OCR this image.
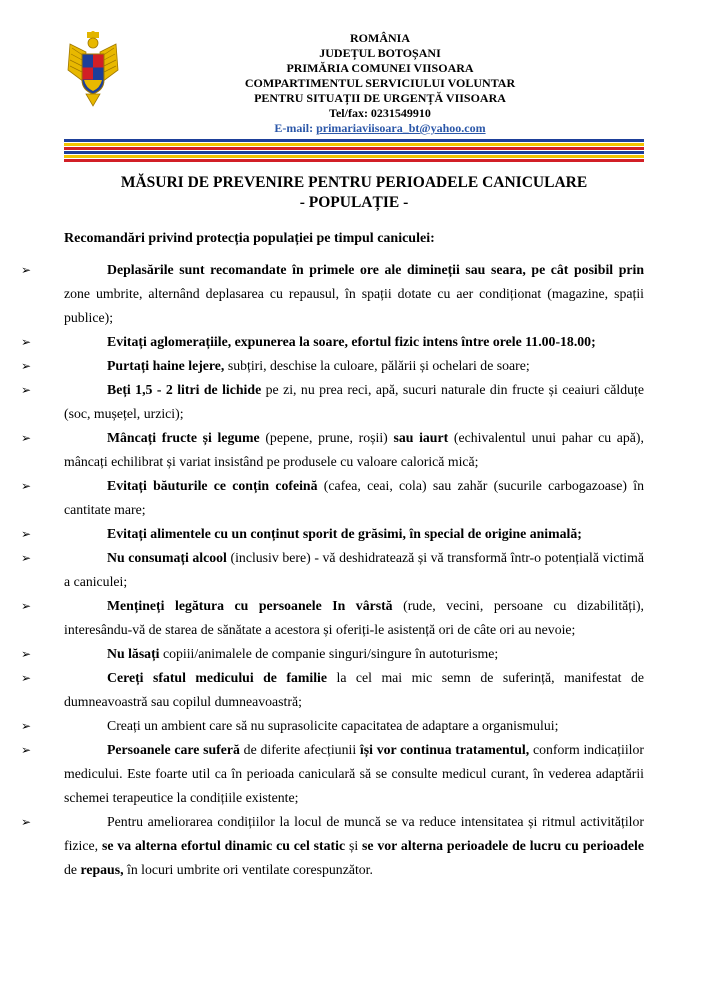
ROMÂNIA
JUDEȚUL BOTOȘANI
PRIMĂRIA COMUNEI VIISOARA
COMPARTIMENTUL SERVICIULUI VOLUNTAR
PENTRU SITUAȚII DE URGENȚĂ VIISOARA
Tel/fax: 0231549910
E-mail: primariaviisoara_bt@yahoo.com
MĂSURI DE PREVENIRE PENTRU PERIOADELE CANICULARE
- POPULAȚIE -
Recomandări privind protecția populației pe timpul caniculei:

➢	Deplasările sunt recomandate în primele ore ale dimineții sau seara, pe cât posibil prin zone umbrite, alternând deplasarea cu repausul, în spații dotate cu aer condiționat (magazine, spații publice);

➢	Evitați aglomerațiile, expunerea la soare, efortul fizic intens între orele 11.00-18.00;

➢	Purtați haine lejere, subțiri, deschise la culoare, pălării și ochelari de soare;

➢	Beți 1,5 - 2 litri de lichide pe zi, nu prea reci, apă, sucuri naturale din fructe și ceaiuri călduțe (soc, mușețel, urzici);

➢	Mâncați fructe și legume (pepene, prune, roșii) sau iaurt (echivalentul unui pahar cu apă), mâncați echilibrat și variat insistând pe produsele cu valoare calorică mică;

➢	Evitați băuturile ce conțin cofeină (cafea, ceai, cola) sau zahăr (sucurile carbogazoase) în cantitate mare;

➢	Evitați alimentele cu un conținut sporit de grăsimi, în special de origine animală;

➢	Nu consumați alcool (inclusiv bere) - vă deshidratează și vă transformă într-o potențială victimă a caniculei;

➢	Mențineți legătura cu persoanele In vârstă (rude, vecini, persoane cu dizabilități), interesându-vă de starea de sănătate a acestora și oferiți-le asistență ori de câte ori au nevoie;

➢	Nu lăsați copiii/animalele de companie singuri/singure în autoturisme;

➢	Cereți sfatul medicului de familie la cel mai mic semn de suferință, manifestat de dumneavoastră sau copilul dumneavoastră;

➢	Creați un ambient care să nu suprasolicite capacitatea de adaptare a organismului;

➢	Persoanele care suferă de diferite afecțiunii își vor continua tratamentul, conform indicațiilor medicului. Este foarte util ca în perioada caniculară să se consulte medicul curant, în vederea adaptării schemei terapeutice la condițiile existente;

➢	Pentru ameliorarea condițiilor la locul de muncă se va reduce intensitatea și ritmul activităților fizice, se va alterna efortul dinamic cu cel static și se vor alterna perioadele de lucru cu perioadele de repaus, în locuri umbrite ori ventilate corespunzător.
